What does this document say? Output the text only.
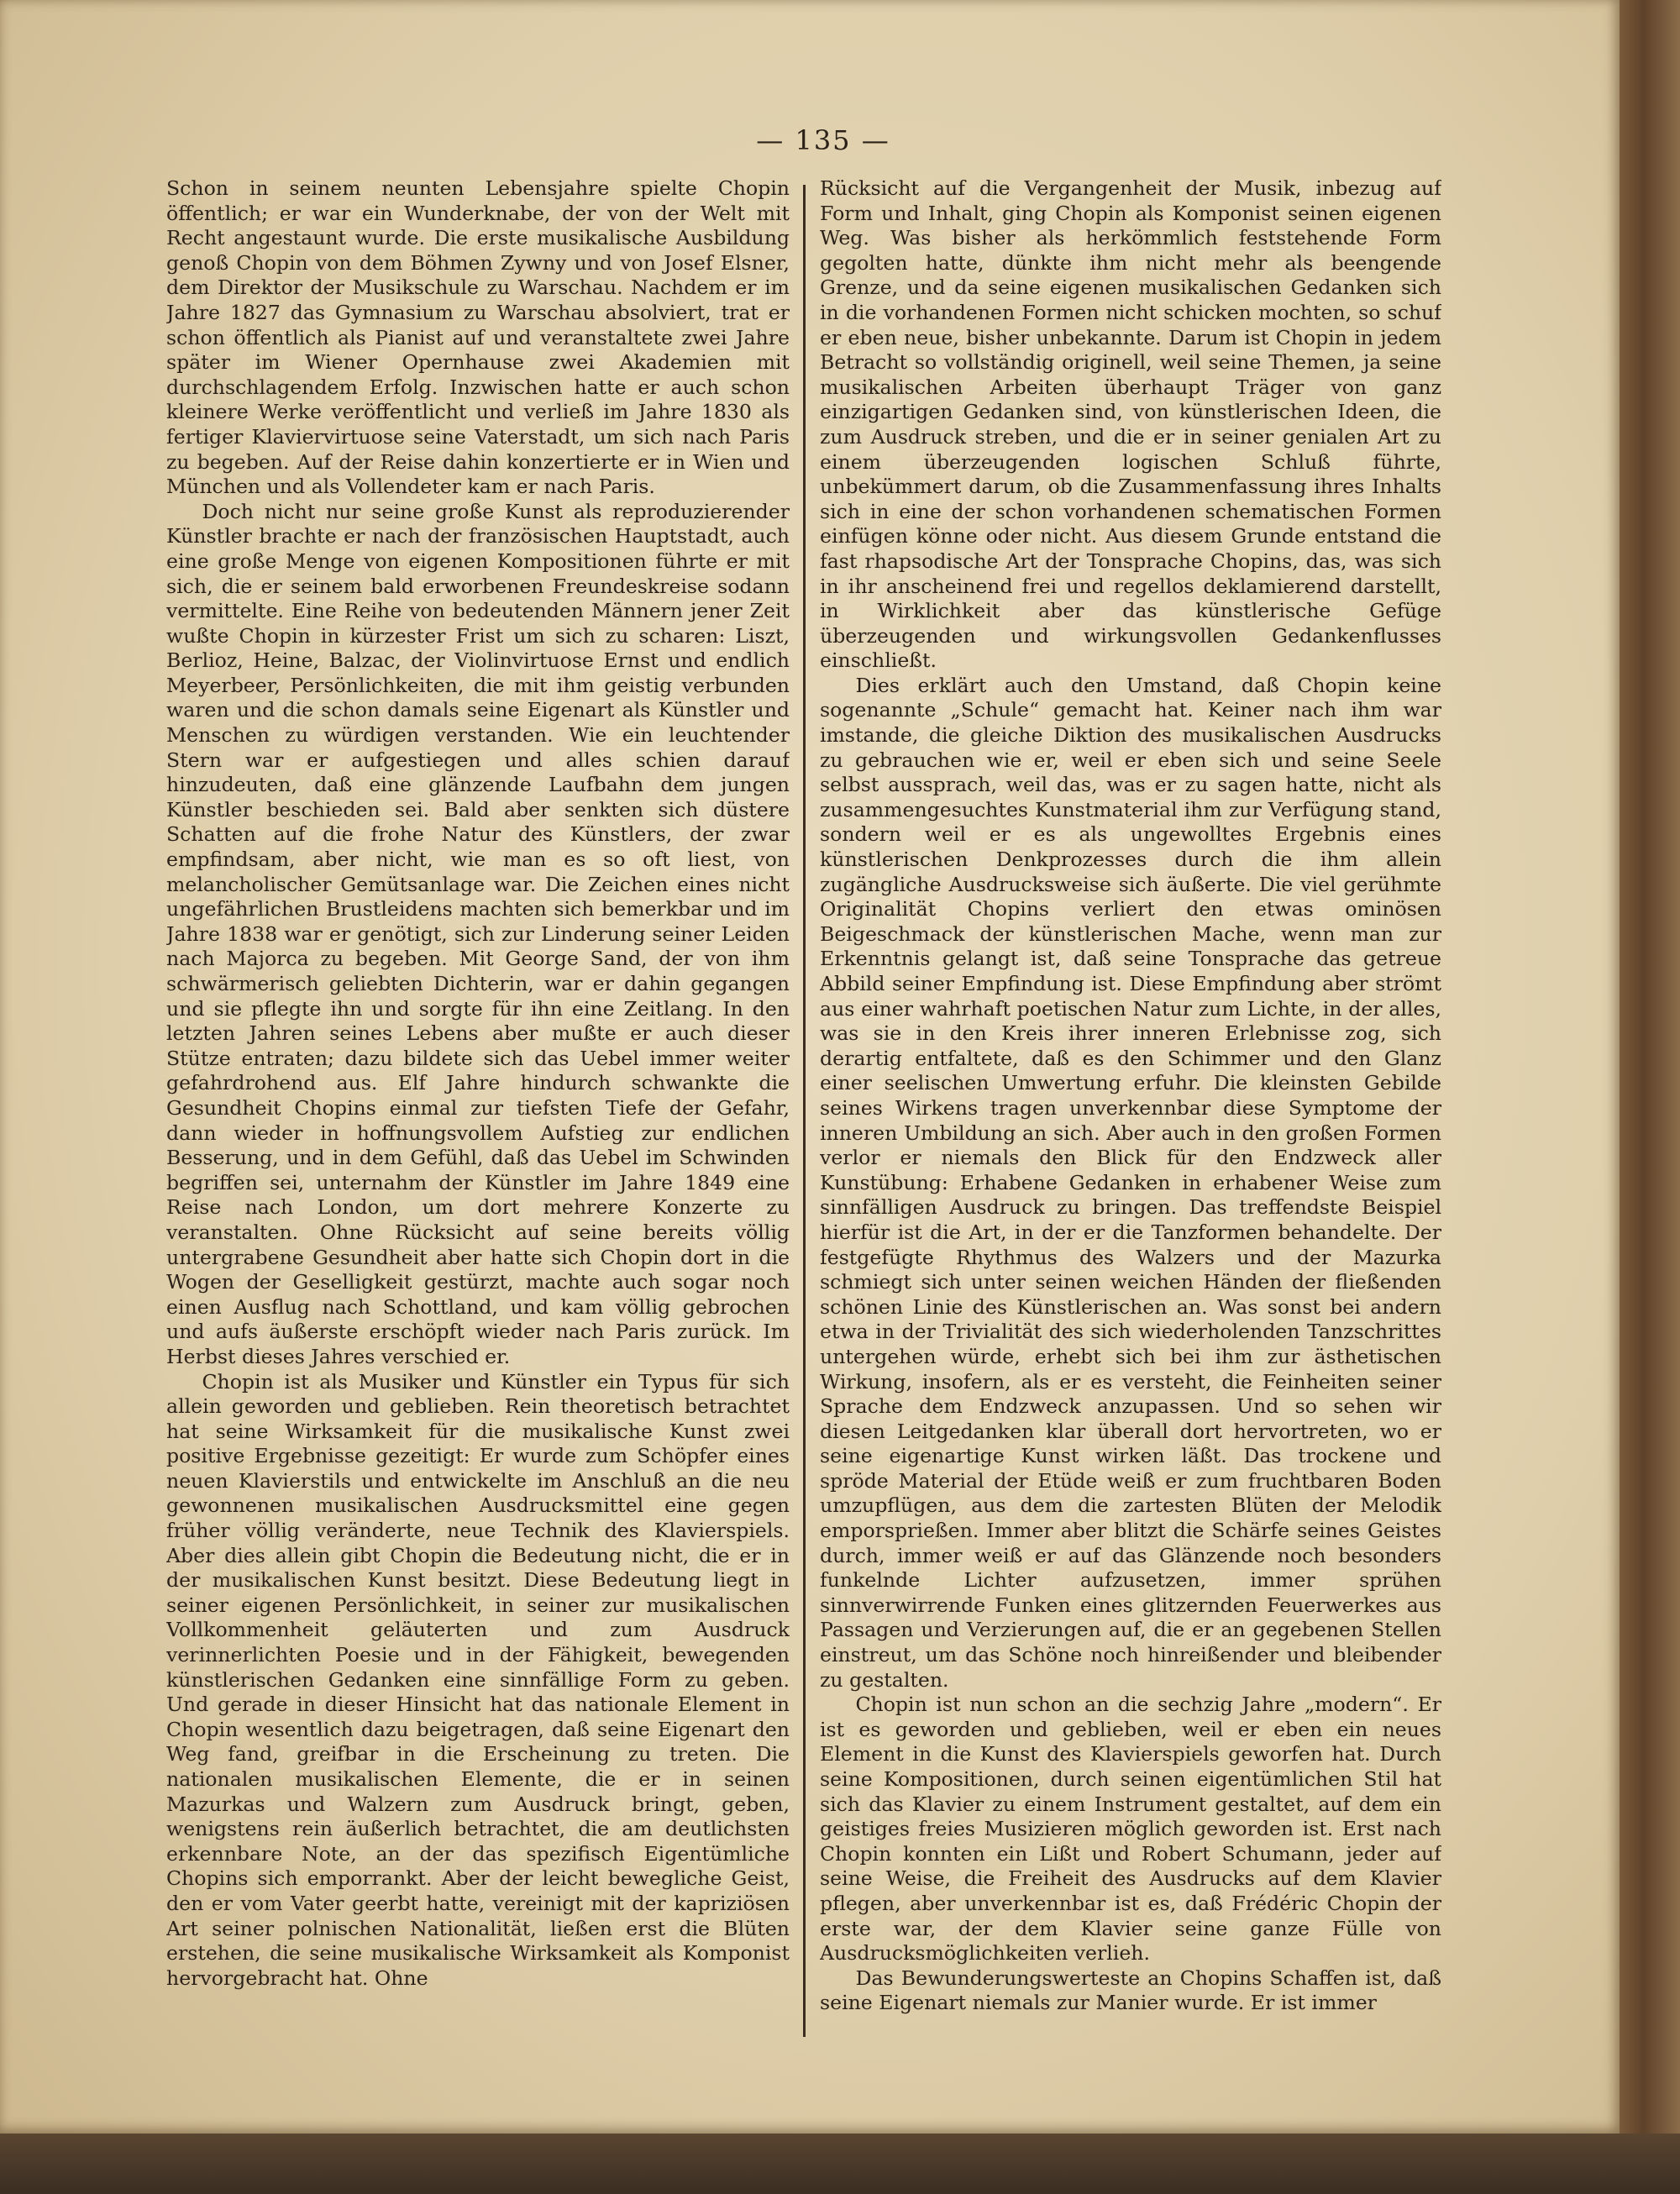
— 135 —

Schon in seinem neunten Lebensjahre spielte Chopin öffentlich; er war ein Wunderknabe, der von der Welt mit Recht angestaunt wurde. Die erste musikalische Ausbildung genoß Chopin von dem Böhmen Zywny und von Josef Elsner, dem Direktor der Musikschule zu Warschau. Nachdem er im Jahre 1827 das Gymnasium zu Warschau absolviert, trat er schon öffentlich als Pianist auf und veranstaltete zwei Jahre später im Wiener Opernhause zwei Akademien mit durchschlagendem Erfolg. Inzwischen hatte er auch schon kleinere Werke veröffentlicht und verließ im Jahre 1830 als fertiger Klaviervirtuose seine Vaterstadt, um sich nach Paris zu begeben. Auf der Reise dahin konzertierte er in Wien und München und als Vollendeter kam er nach Paris.

Doch nicht nur seine große Kunst als reproduzierender Künstler brachte er nach der französischen Hauptstadt, auch eine große Menge von eigenen Kompositionen führte er mit sich, die er seinem bald erworbenen Freundeskreise sodann vermittelte. Eine Reihe von bedeutenden Männern jener Zeit wußte Chopin in kürzester Frist um sich zu scharen: Liszt, Berlioz, Heine, Balzac, der Violinvirtuose Ernst und endlich Meyerbeer, Persönlichkeiten, die mit ihm geistig verbunden waren und die schon damals seine Eigenart als Künstler und Menschen zu würdigen verstanden. Wie ein leuchtender Stern war er aufgestiegen und alles schien darauf hinzudeuten, daß eine glänzende Laufbahn dem jungen Künstler beschieden sei. Bald aber senkten sich düstere Schatten auf die frohe Natur des Künstlers, der zwar empfindsam, aber nicht, wie man es so oft liest, von melancholischer Gemütsanlage war. Die Zeichen eines nicht ungefährlichen Brustleidens machten sich bemerkbar und im Jahre 1838 war er genötigt, sich zur Linderung seiner Leiden nach Majorca zu begeben. Mit George Sand, der von ihm schwärmerisch geliebten Dichterin, war er dahin gegangen und sie pflegte ihn und sorgte für ihn eine Zeitlang. In den letzten Jahren seines Lebens aber mußte er auch dieser Stütze entraten; dazu bildete sich das Uebel immer weiter gefahrdrohend aus. Elf Jahre hindurch schwankte die Gesundheit Chopins einmal zur tiefsten Tiefe der Gefahr, dann wieder in hoffnungsvollem Aufstieg zur endlichen Besserung, und in dem Gefühl, daß das Uebel im Schwinden begriffen sei, unternahm der Künstler im Jahre 1849 eine Reise nach London, um dort mehrere Konzerte zu veranstalten. Ohne Rücksicht auf seine bereits völlig untergrabene Gesundheit aber hatte sich Chopin dort in die Wogen der Geselligkeit gestürzt, machte auch sogar noch einen Ausflug nach Schottland, und kam völlig gebrochen und aufs äußerste erschöpft wieder nach Paris zurück. Im Herbst dieses Jahres verschied er.

Chopin ist als Musiker und Künstler ein Typus für sich allein geworden und geblieben. Rein theoretisch betrachtet hat seine Wirksamkeit für die musikalische Kunst zwei positive Ergebnisse gezeitigt: Er wurde zum Schöpfer eines neuen Klavierstils und entwickelte im Anschluß an die neu gewonnenen musikalischen Ausdrucksmittel eine gegen früher völlig veränderte, neue Technik des Klavierspiels. Aber dies allein gibt Chopin die Bedeutung nicht, die er in der musikalischen Kunst besitzt. Diese Bedeutung liegt in seiner eigenen Persönlichkeit, in seiner zur musikalischen Vollkommenheit geläuterten und zum Ausdruck verinnerlichten Poesie und in der Fähigkeit, bewegenden künstlerischen Gedanken eine sinnfällige Form zu geben. Und gerade in dieser Hinsicht hat das nationale Element in Chopin wesentlich dazu beigetragen, daß seine Eigenart den Weg fand, greifbar in die Erscheinung zu treten. Die nationalen musikalischen Elemente, die er in seinen Mazurkas und Walzern zum Ausdruck bringt, geben, wenigstens rein äußerlich betrachtet, die am deutlichsten erkennbare Note, an der das spezifisch Eigentümliche Chopins sich emporrankt. Aber der leicht bewegliche Geist, den er vom Vater geerbt hatte, vereinigt mit der kapriziösen Art seiner polnischen Nationalität, ließen erst die Blüten erstehen, die seine musikalische Wirksamkeit als Komponist hervorgebracht hat. Ohne

Rücksicht auf die Vergangenheit der Musik, inbezug auf Form und Inhalt, ging Chopin als Komponist seinen eigenen Weg. Was bisher als herkömmlich feststehende Form gegolten hatte, dünkte ihm nicht mehr als beengende Grenze, und da seine eigenen musikalischen Gedanken sich in die vorhandenen Formen nicht schicken mochten, so schuf er eben neue, bisher unbekannte. Darum ist Chopin in jedem Betracht so vollständig originell, weil seine Themen, ja seine musikalischen Arbeiten überhaupt Träger von ganz einzigartigen Gedanken sind, von künstlerischen Ideen, die zum Ausdruck streben, und die er in seiner genialen Art zu einem überzeugenden logischen Schluß führte, unbekümmert darum, ob die Zusammenfassung ihres Inhalts sich in eine der schon vorhandenen schematischen Formen einfügen könne oder nicht. Aus diesem Grunde entstand die fast rhapsodische Art der Tonsprache Chopins, das, was sich in ihr anscheinend frei und regellos deklamierend darstellt, in Wirklichkeit aber das künstlerische Gefüge überzeugenden und wirkungsvollen Gedankenflusses einschließt.

Dies erklärt auch den Umstand, daß Chopin keine sogenannte „Schule“ gemacht hat. Keiner nach ihm war imstande, die gleiche Diktion des musikalischen Ausdrucks zu gebrauchen wie er, weil er eben sich und seine Seele selbst aussprach, weil das, was er zu sagen hatte, nicht als zusammengesuchtes Kunstmaterial ihm zur Verfügung stand, sondern weil er es als ungewolltes Ergebnis eines künstlerischen Denkprozesses durch die ihm allein zugängliche Ausdrucksweise sich äußerte. Die viel gerühmte Originalität Chopins verliert den etwas ominösen Beigeschmack der künstlerischen Mache, wenn man zur Erkenntnis gelangt ist, daß seine Tonsprache das getreue Abbild seiner Empfindung ist. Diese Empfindung aber strömt aus einer wahrhaft poetischen Natur zum Lichte, in der alles, was sie in den Kreis ihrer inneren Erlebnisse zog, sich derartig entfaltete, daß es den Schimmer und den Glanz einer seelischen Umwertung erfuhr. Die kleinsten Gebilde seines Wirkens tragen unverkennbar diese Symptome der inneren Umbildung an sich. Aber auch in den großen Formen verlor er niemals den Blick für den Endzweck aller Kunstübung: Erhabene Gedanken in erhabener Weise zum sinnfälligen Ausdruck zu bringen. Das treffendste Beispiel hierfür ist die Art, in der er die Tanzformen behandelte. Der festgefügte Rhythmus des Walzers und der Mazurka schmiegt sich unter seinen weichen Händen der fließenden schönen Linie des Künstlerischen an. Was sonst bei andern etwa in der Trivialität des sich wiederholenden Tanzschrittes untergehen würde, erhebt sich bei ihm zur ästhetischen Wirkung, insofern, als er es versteht, die Feinheiten seiner Sprache dem Endzweck anzupassen. Und so sehen wir diesen Leitgedanken klar überall dort hervortreten, wo er seine eigenartige Kunst wirken läßt. Das trockene und spröde Material der Etüde weiß er zum fruchtbaren Boden umzupflügen, aus dem die zartesten Blüten der Melodik emporsprießen. Immer aber blitzt die Schärfe seines Geistes durch, immer weiß er auf das Glänzende noch besonders funkelnde Lichter aufzusetzen, immer sprühen sinnverwirrende Funken eines glitzernden Feuerwerkes aus Passagen und Verzierungen auf, die er an gegebenen Stellen einstreut, um das Schöne noch hinreißender und bleibender zu gestalten.

Chopin ist nun schon an die sechzig Jahre „modern“. Er ist es geworden und geblieben, weil er eben ein neues Element in die Kunst des Klavierspiels geworfen hat. Durch seine Kompositionen, durch seinen eigentümlichen Stil hat sich das Klavier zu einem Instrument gestaltet, auf dem ein geistiges freies Musizieren möglich geworden ist. Erst nach Chopin konnten ein Lißt und Robert Schumann, jeder auf seine Weise, die Freiheit des Ausdrucks auf dem Klavier pflegen, aber unverkennbar ist es, daß Frédéric Chopin der erste war, der dem Klavier seine ganze Fülle von Ausdrucksmöglichkeiten verlieh.

Das Bewunderungswerteste an Chopins Schaffen ist, daß seine Eigenart niemals zur Manier wurde. Er ist immer
